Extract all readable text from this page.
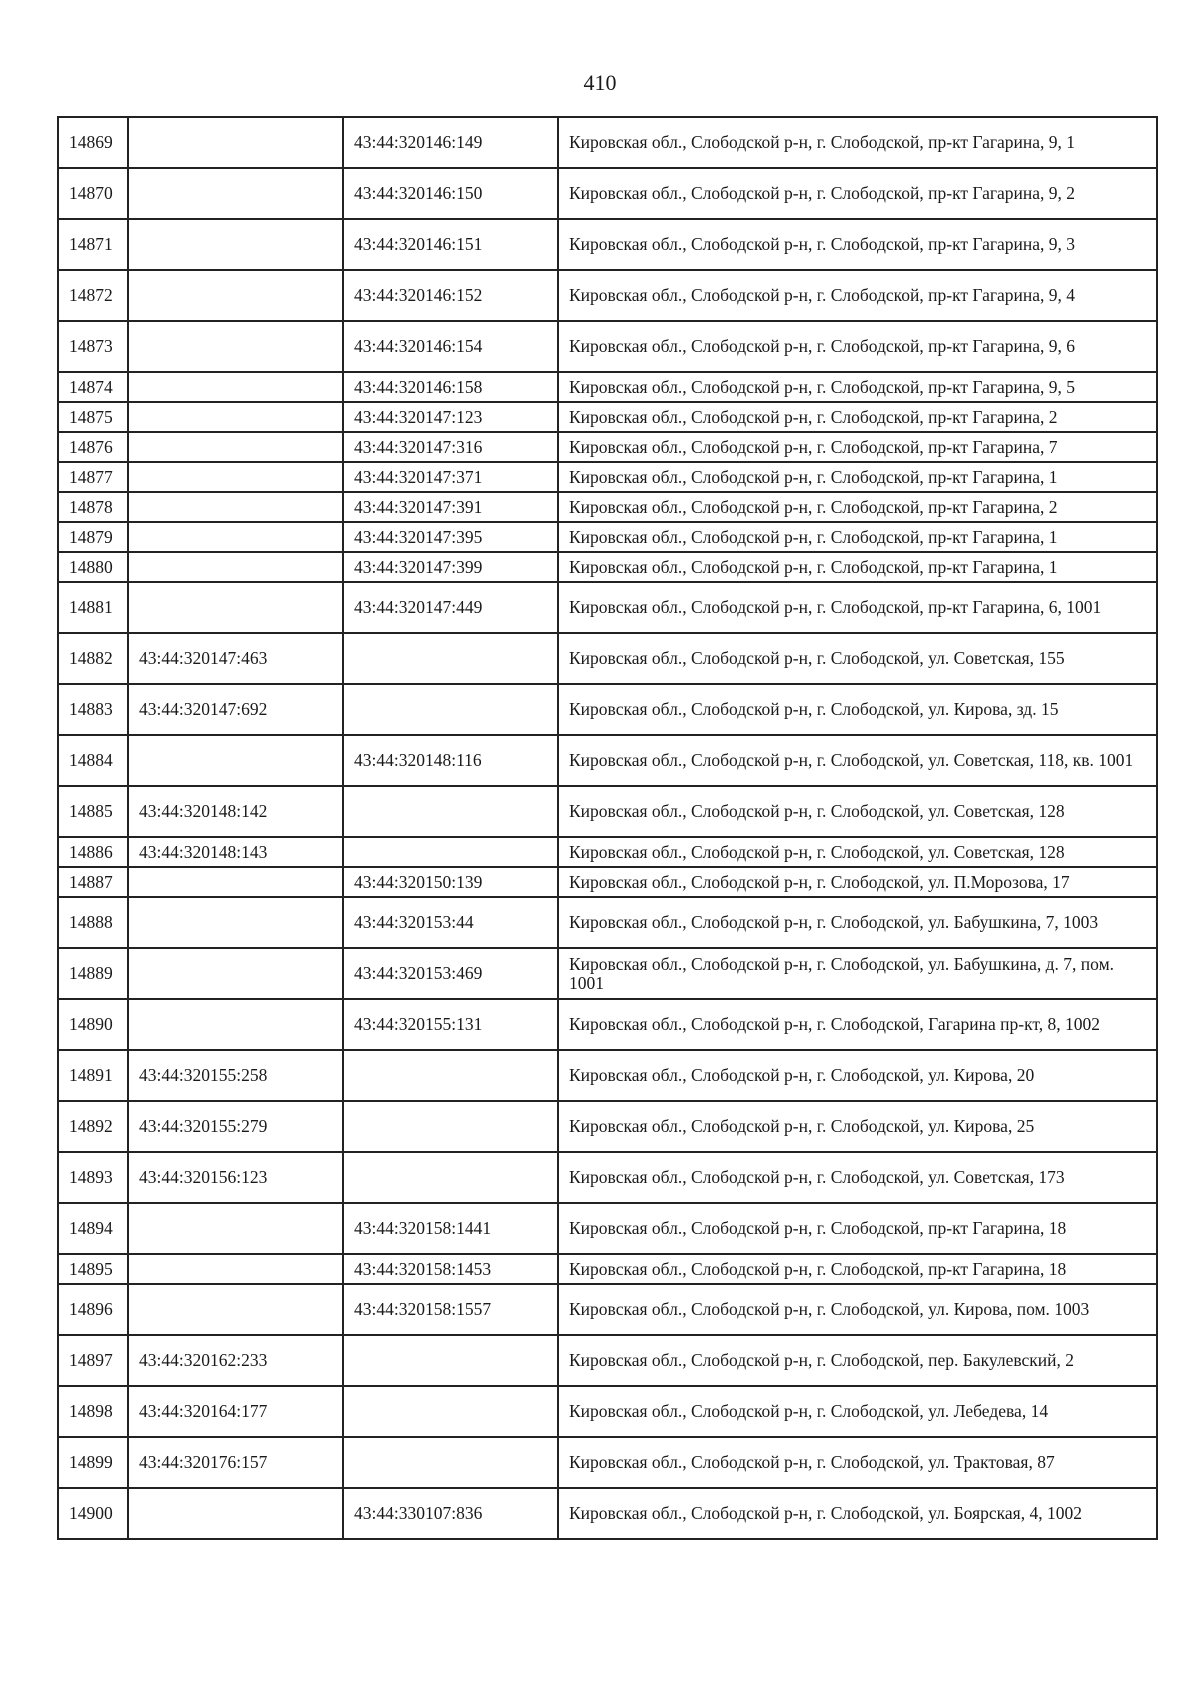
410
14869		43:44:320146:149	Кировская обл., Слободской р-н, г. Слободской, пр-кт Гагарина, 9, 1
14870		43:44:320146:150	Кировская обл., Слободской р-н, г. Слободской, пр-кт Гагарина, 9, 2
14871		43:44:320146:151	Кировская обл., Слободской р-н, г. Слободской, пр-кт Гагарина, 9, 3
14872		43:44:320146:152	Кировская обл., Слободской р-н, г. Слободской, пр-кт Гагарина, 9, 4
14873		43:44:320146:154	Кировская обл., Слободской р-н, г. Слободской, пр-кт Гагарина, 9, 6
14874		43:44:320146:158	Кировская обл., Слободской р-н, г. Слободской, пр-кт Гагарина, 9, 5
14875		43:44:320147:123	Кировская обл., Слободской р-н, г. Слободской, пр-кт Гагарина, 2
14876		43:44:320147:316	Кировская обл., Слободской р-н, г. Слободской, пр-кт Гагарина, 7
14877		43:44:320147:371	Кировская обл., Слободской р-н, г. Слободской, пр-кт Гагарина, 1
14878		43:44:320147:391	Кировская обл., Слободской р-н, г. Слободской, пр-кт Гагарина, 2
14879		43:44:320147:395	Кировская обл., Слободской р-н, г. Слободской, пр-кт Гагарина, 1
14880		43:44:320147:399	Кировская обл., Слободской р-н, г. Слободской, пр-кт Гагарина, 1
14881		43:44:320147:449	Кировская обл., Слободской р-н, г. Слободской, пр-кт Гагарина, 6, 1001
14882	43:44:320147:463		Кировская обл., Слободской р-н, г. Слободской, ул. Советская, 155
14883	43:44:320147:692		Кировская обл., Слободской р-н, г. Слободской, ул. Кирова, зд. 15
14884		43:44:320148:116	Кировская обл., Слободской р-н, г. Слободской, ул. Советская, 118, кв. 1001
14885	43:44:320148:142		Кировская обл., Слободской р-н, г. Слободской, ул. Советская, 128
14886	43:44:320148:143		Кировская обл., Слободской р-н, г. Слободской, ул. Советская, 128
14887		43:44:320150:139	Кировская обл., Слободской р-н, г. Слободской, ул. П.Морозова, 17
14888		43:44:320153:44	Кировская обл., Слободской р-н, г. Слободской, ул. Бабушкина, 7, 1003
14889		43:44:320153:469	Кировская обл., Слободской р-н, г. Слободской, ул. Бабушкина, д. 7, пом. 1001
14890		43:44:320155:131	Кировская обл., Слободской р-н, г. Слободской, Гагарина пр-кт, 8, 1002
14891	43:44:320155:258		Кировская обл., Слободской р-н, г. Слободской, ул. Кирова, 20
14892	43:44:320155:279		Кировская обл., Слободской р-н, г. Слободской, ул. Кирова, 25
14893	43:44:320156:123		Кировская обл., Слободской р-н, г. Слободской, ул. Советская, 173
14894		43:44:320158:1441	Кировская обл., Слободской р-н, г. Слободской, пр-кт Гагарина, 18
14895		43:44:320158:1453	Кировская обл., Слободской р-н, г. Слободской, пр-кт Гагарина, 18
14896		43:44:320158:1557	Кировская обл., Слободской р-н, г. Слободской, ул. Кирова, пом. 1003
14897	43:44:320162:233		Кировская обл., Слободской р-н, г. Слободской, пер. Бакулевский, 2
14898	43:44:320164:177		Кировская обл., Слободской р-н, г. Слободской, ул. Лебедева, 14
14899	43:44:320176:157		Кировская обл., Слободской р-н, г. Слободской, ул. Трактовая, 87
14900		43:44:330107:836	Кировская обл., Слободской р-н, г. Слободской, ул. Боярская, 4, 1002
